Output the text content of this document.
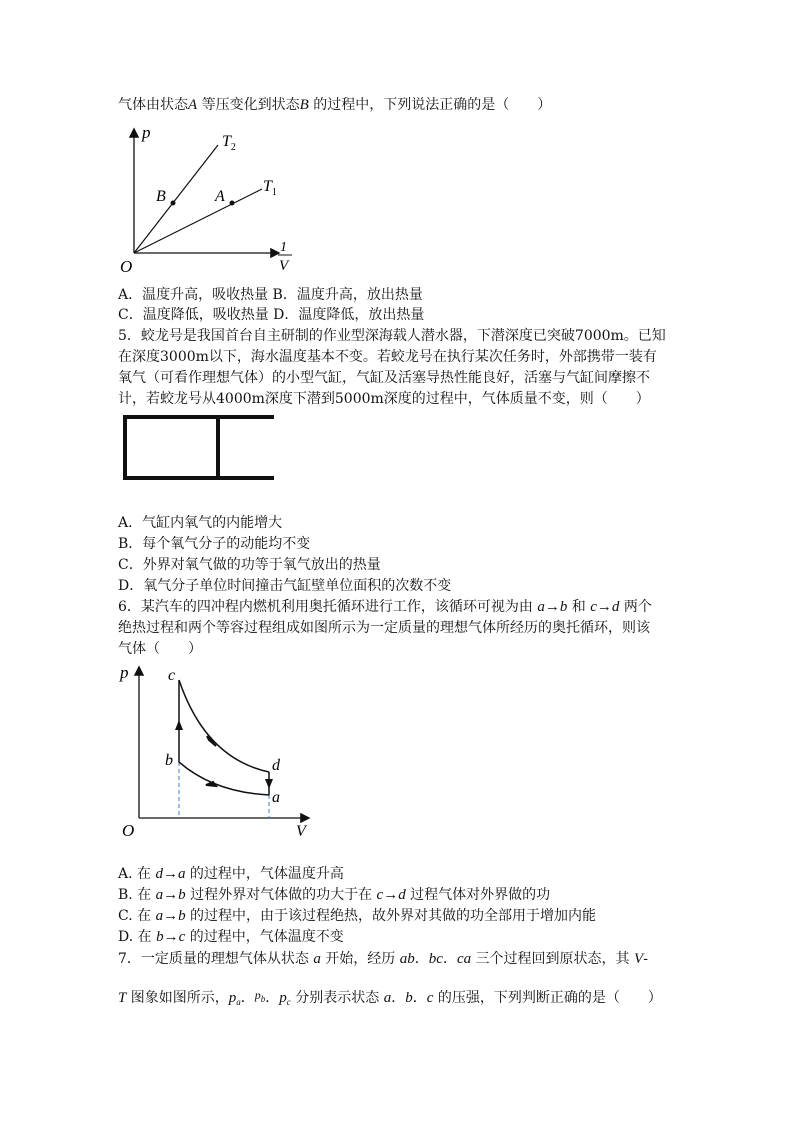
气体由状态A 等压变化到状态B 的过程中，下列说法正确的是（　　）
p
O
1
V
$T_2$
$T_1$
B	A
A．温度升高，吸收热量 B．温度升高，放出热量
C．温度降低，吸收热量 D．温度降低，放出热量
5．蛟龙号是我国首台自主研制的作业型深海载人潜水器，下潜深度已突破7000m。已知
在深度3000m以下，海水温度基本不变。若蛟龙号在执行某次任务时，外部携带一装有
氧气（可看作理想气体）的小型气缸，气缸及活塞导热性能良好，活塞与气缸间摩擦不
计，若蛟龙号从4000m深度下潜到5000m深度的过程中，气体质量不变，则（　　）
A．气缸内氧气的内能增大
B．每个氧气分子的动能均不变
C．外界对氧气做的功等于氧气放出的热量
D．氧气分子单位时间撞击气缸壁单位面积的次数不变
6．某汽车的四冲程内燃机利用奥托循环进行工作，该循环可视为由 a→b 和 c→d 两个
绝热过程和两个等容过程组成如图所示为一定质量的理想气体所经历的奥托循环，则该
气体（　　）
p
O	V
c
b	d
a
A. 在 d→a 的过程中，气体温度升高
B. 在 a→b 过程外界对气体做的功大于在 c→d 过程气体对外界做的功
C. 在 a→b 的过程中，由于该过程绝热，故外界对其做的功全部用于增加内能
D. 在 b→c 的过程中，气体温度不变
7．一定质量的理想气体从状态 a 开始，经历 ab．bc．ca 三个过程回到原状态，其 V-
T 图象如图所示，$p_a$．pb．$p_c$ 分别表示状态 a．b．c 的压强，下列判断正确的是（　　）
